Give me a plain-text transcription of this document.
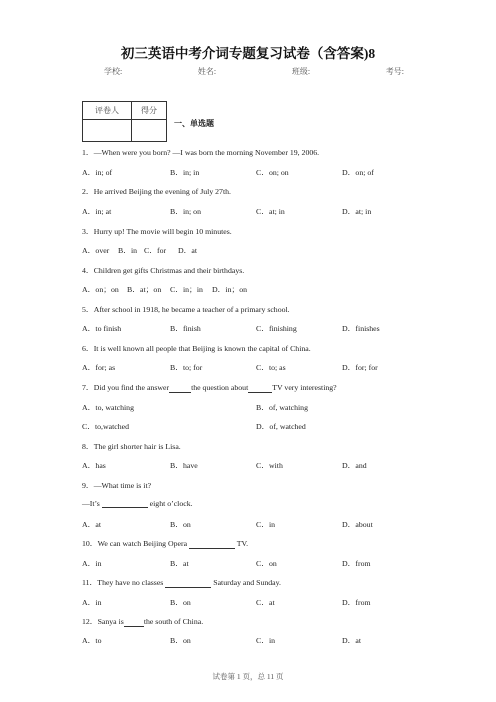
初三英语中考介词专题复习试卷（含答案)8
学校:	姓名:	班级:	考号:
评卷人	得分

一、单选题
1．—When were you born? —I was born the morning November 19, 2006.
A．in; of	B．in; in	C．on; on	D．on; of
2．He arrived Beijing the evening of July 27th.
A．in; at	B．in; on	C．at; in	D．at; in
3．Hurry up! The movie will begin 10 minutes.
A．over B．in C．for D．at
4．Children get gifts Christmas and their birthdays.
A．on；on B．at；on C．in；in D．in；on
5．After school in 1918, he became a teacher of a primary school.
A．to finish	B．finish	C．finishing	D．finishes
6．It is well known all people that Beijing is known the capital of China.
A．for; as	B．to; for	C．to; as	D．for; for
7．Did you find the answer	the question about	TV very interesting?
A．to, watching	B．of, watching
C．to,watched	D．of, watched
8．The girl shorter hair is Lisa.
A．has	B．have	C．with	D．and
9．—What time is it?
—It’s	eight o’clock.
A．at	B．on	C．in	D．about
10．We can watch Beijing Opera	TV.
A．in	B．at	C．on	D．from
11．They have no classes	Saturday and Sunday.
A．in	B．on	C．at	D．from
12．Sanya is	the south of China.
A．to	B．on	C．in	D．at
试卷第 1 页，总 11 页
